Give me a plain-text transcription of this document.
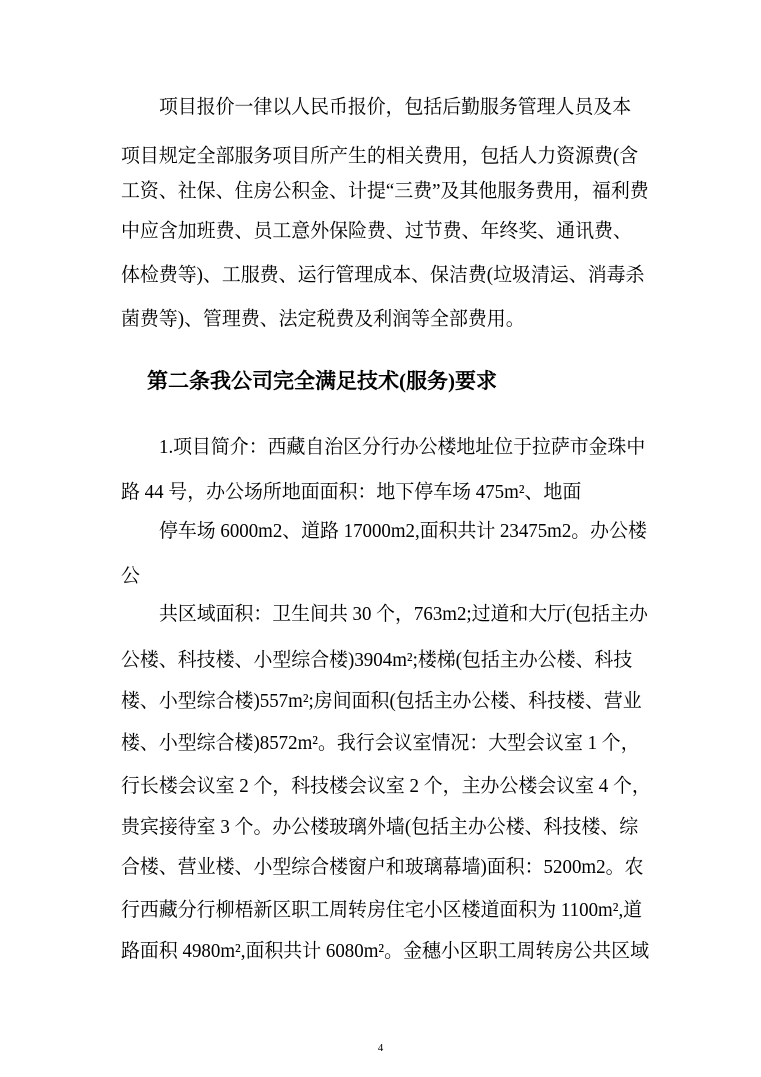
项目报价一律以人民币报价，包括后勤服务管理人员及本
项目规定全部服务项目所产生的相关费用，包括人力资源费(含
工资、社保、住房公积金、计提“三费”及其他服务费用，福利费
中应含加班费、员工意外保险费、过节费、年终奖、通讯费、
体检费等)、工服费、运行管理成本、保洁费(垃圾清运、消毒杀
菌费等)、管理费、法定税费及利润等全部费用。
第二条我公司完全满足技术(服务)要求
1.项目简介：西藏自治区分行办公楼地址位于拉萨市金珠中
路 44 号，办公场所地面面积：地下停车场 475m²、地面
停车场 6000m2、道路 17000m2,面积共计 23475m2。办公楼
公
共区域面积：卫生间共 30 个，763m2;过道和大厅(包括主办
公楼、科技楼、小型综合楼)3904m²;楼梯(包括主办公楼、科技
楼、小型综合楼)557m²;房间面积(包括主办公楼、科技楼、营业
楼、小型综合楼)8572m²。我行会议室情况：大型会议室 1 个，
行长楼会议室 2 个，科技楼会议室 2 个，主办公楼会议室 4 个，
贵宾接待室 3 个。办公楼玻璃外墙(包括主办公楼、科技楼、综
合楼、营业楼、小型综合楼窗户和玻璃幕墙)面积：5200m2。农
行西藏分行柳梧新区职工周转房住宅小区楼道面积为 1100m²,道
路面积 4980m²,面积共计 6080m²。金穗小区职工周转房公共区域
4
